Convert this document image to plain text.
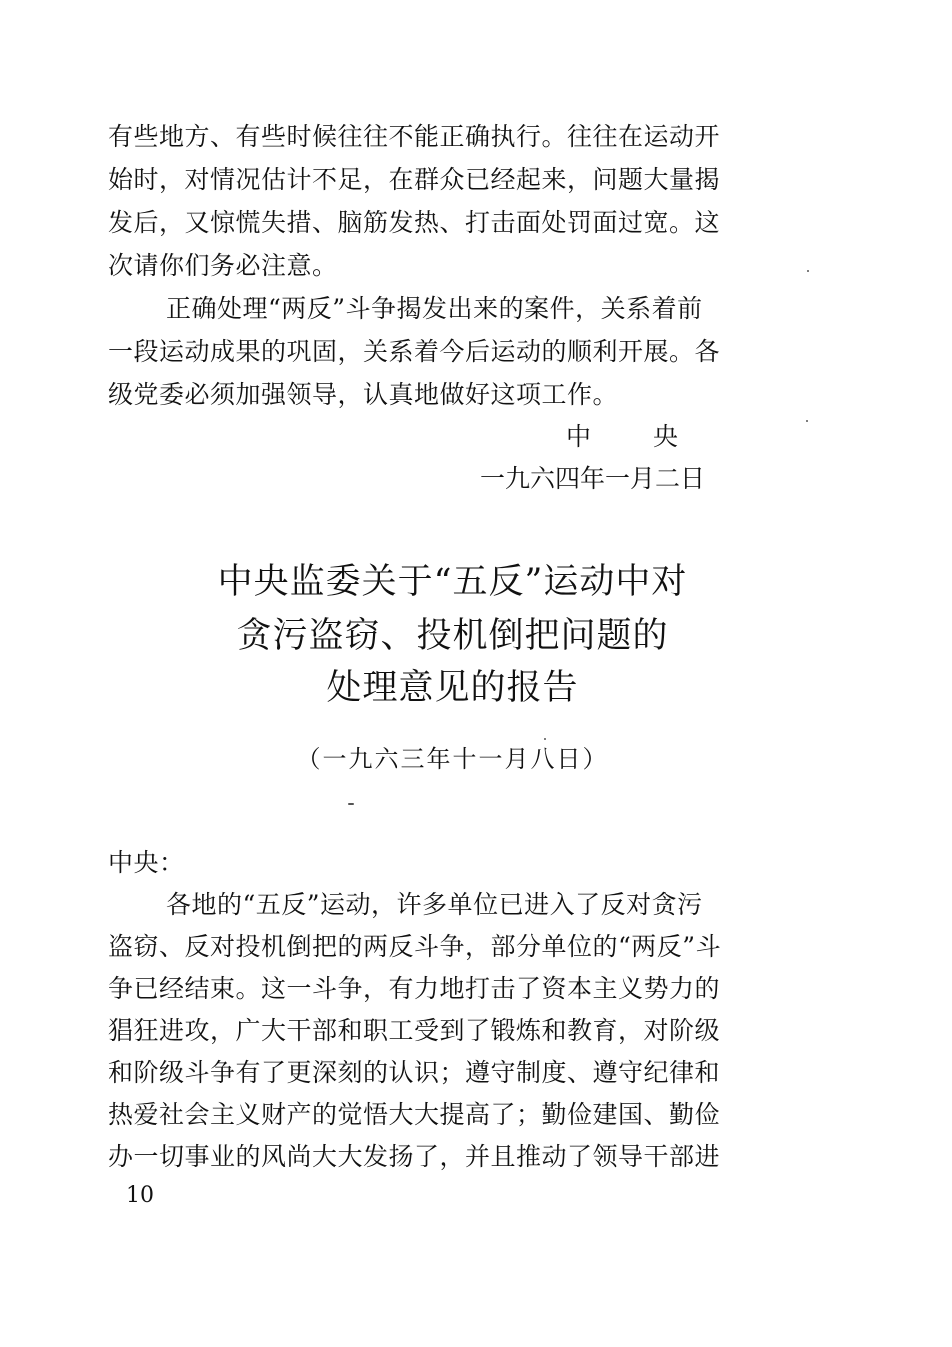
有些地方、有些时候往往不能正确执行。往往在运动开
始时，对情况估计不足，在群众已经起来，问题大量揭
发后，又惊慌失措、脑筋发热、打击面处罚面过宽。这
次请你们务必注意。
正确处理“两反”斗争揭发出来的案件，关系着前
一段运动成果的巩固，关系着今后运动的顺利开展。各
级党委必须加强领导，认真地做好这项工作。
中　　央
一九六四年一月二日
中央监委关于“五反”运动中对
贪污盗窃、投机倒把问题的
处理意见的报告
（一九六三年十一月八日）
中央：
各地的“五反”运动，许多单位已进入了反对贪污
盗窃、反对投机倒把的两反斗争，部分单位的“两反”斗
争已经结束。这一斗争，有力地打击了资本主义势力的
猖狂进攻，广大干部和职工受到了锻炼和教育，对阶级
和阶级斗争有了更深刻的认识；遵守制度、遵守纪律和
热爱社会主义财产的觉悟大大提高了；勤俭建国、勤俭
办一切事业的风尚大大发扬了，并且推动了领导干部进
10
